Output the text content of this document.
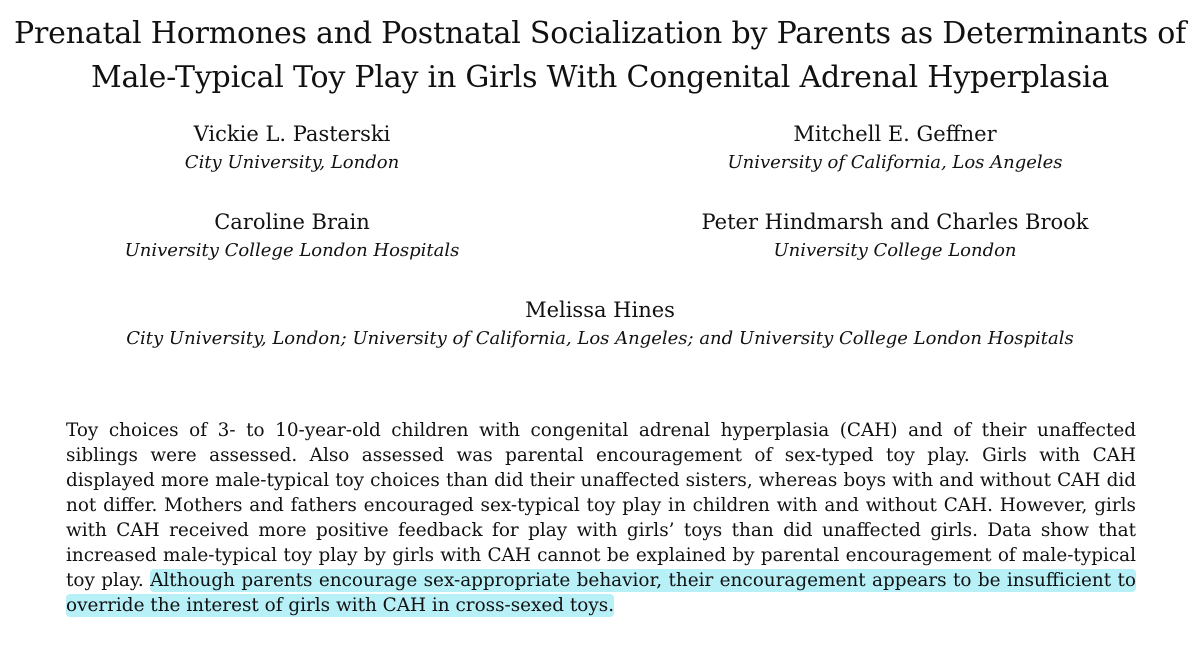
Prenatal Hormones and Postnatal Socialization by Parents as Determinants of
Male-Typical Toy Play in Girls With Congenital Adrenal Hyperplasia
Vickie L. Pasterski
City University, London
Mitchell E. Geffner
University of California, Los Angeles
Caroline Brain
University College London Hospitals
Peter Hindmarsh and Charles Brook
University College London
Melissa Hines
City University, London; University of California, Los Angeles; and University College London Hospitals

Toy choices of 3- to 10-year-old children with congenital adrenal hyperplasia (CAH) and of their unaffected siblings were assessed. Also assessed was parental encouragement of sex-typed toy play. Girls with CAH displayed more male-typical toy choices than did their unaffected sisters, whereas boys with and without CAH did not differ. Mothers and fathers encouraged sex-typical toy play in children with and without CAH. However, girls with CAH received more positive feedback for play with girls’ toys than did unaffected girls. Data show that increased male-typical toy play by girls with CAH cannot be explained by parental encouragement of male-typical toy play. Although parents encourage sex-appropriate behavior, their encouragement appears to be insufficient to override the interest of girls with CAH in cross-sexed toys.
